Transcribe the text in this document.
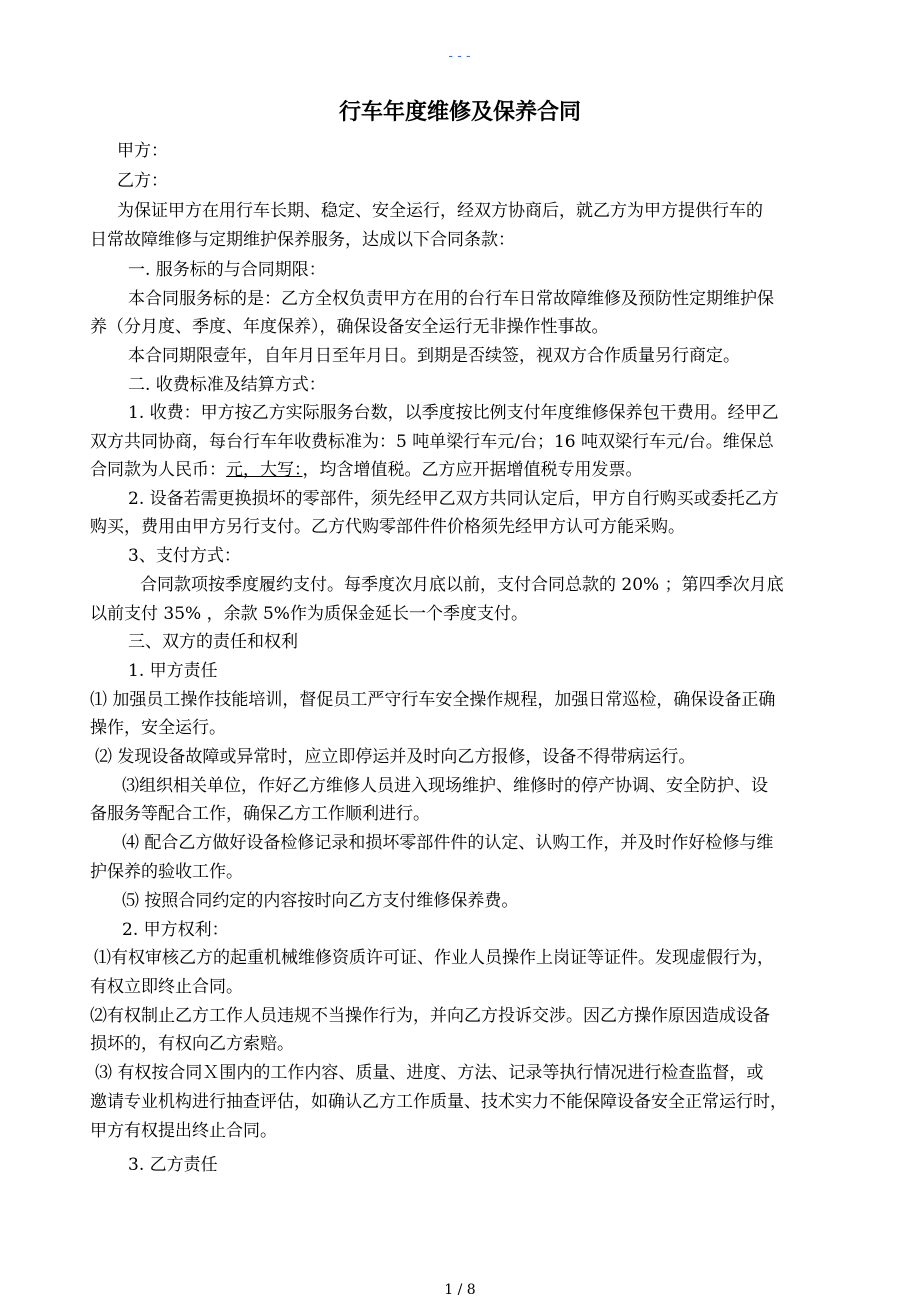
---
行车年度维修及保养合同
甲方：
乙方：
为保证甲方在用行车长期、稳定、安全运行，经双方协商后，就乙方为甲方提供行车的
日常故障维修与定期维护保养服务，达成以下合同条款：
一. 服务标的与合同期限：
本合同服务标的是：乙方全权负责甲方在用的台行车日常故障维修及预防性定期维护保
养（分月度、季度、年度保养），确保设备安全运行无非操作性事故。
本合同期限壹年，自年月日至年月日。到期是否续签，视双方合作质量另行商定。
二. 收费标准及结算方式：
1. 收费：甲方按乙方实际服务台数，以季度按比例支付年度维修保养包干费用。经甲乙
双方共同协商，每台行车年收费标准为：5 吨单梁行车元/台；16 吨双梁行车元/台。维保总
合同款为人民币：元，大写：，均含增值税。乙方应开据增值税专用发票。
2. 设备若需更换损坏的零部件，须先经甲乙双方共同认定后，甲方自行购买或委托乙方
购买，费用由甲方另行支付。乙方代购零部件件价格须先经甲方认可方能采购。
3、支付方式：
合同款项按季度履约支付。每季度次月底以前，支付合同总款的 20% ；第四季次月底
以前支付 35% ，余款 5%作为质保金延长一个季度支付。
三、双方的责任和权利
1. 甲方责任
⑴ 加强员工操作技能培训，督促员工严守行车安全操作规程，加强日常巡检，确保设备正确
操作，安全运行。
⑵ 发现设备故障或异常时，应立即停运并及时向乙方报修，设备不得带病运行。
⑶组织相关单位，作好乙方维修人员进入现场维护、维修时的停产协调、安全防护、设
备服务等配合工作，确保乙方工作顺利进行。
⑷ 配合乙方做好设备检修记录和损坏零部件件的认定、认购工作，并及时作好检修与维
护保养的验收工作。
⑸ 按照合同约定的内容按时向乙方支付维修保养费。
2. 甲方权利：
⑴有权审核乙方的起重机械维修资质许可证、作业人员操作上岗证等证件。发现虚假行为，
有权立即终止合同。
⑵有权制止乙方工作人员违规不当操作行为，并向乙方投诉交涉。因乙方操作原因造成设备
损坏的，有权向乙方索赔。
⑶ 有权按合同Ｘ围内的工作内容、质量、进度、方法、记录等执行情况进行检查监督，或
邀请专业机构进行抽查评估，如确认乙方工作质量、技术实力不能保障设备安全正常运行时，
甲方有权提出终止合同。
3. 乙方责任
1 / 8
